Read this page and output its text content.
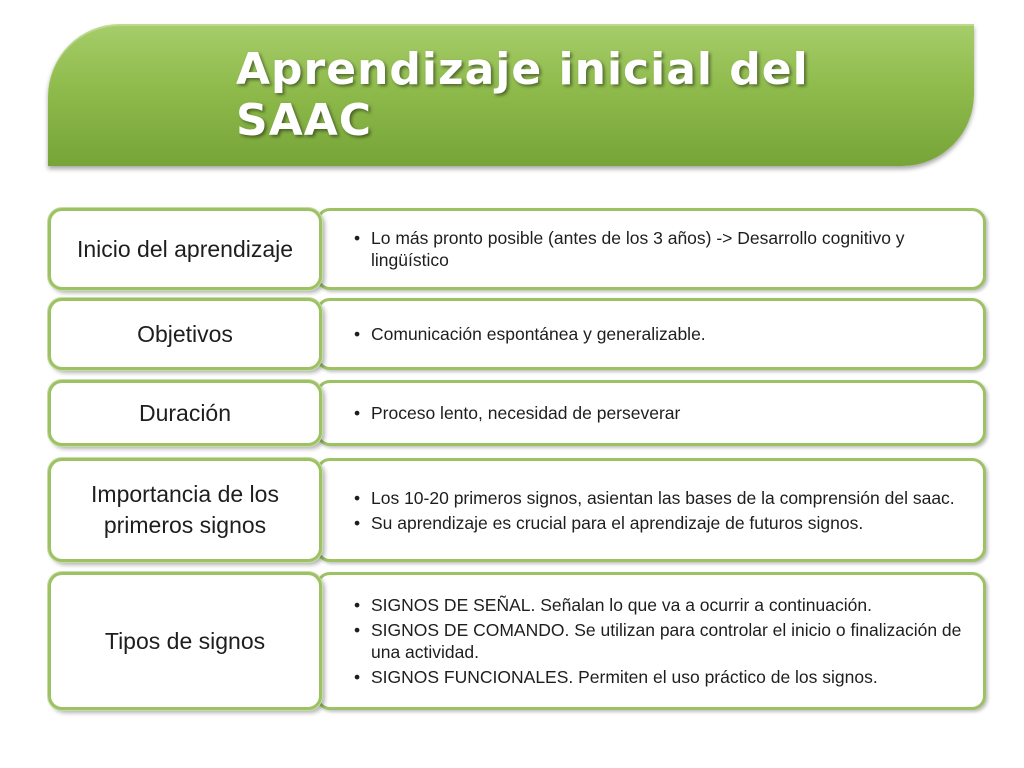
Aprendizaje inicial del SAAC
• Lo más pronto posible (antes de los 3 años) -> Desarrollo cognitivo y lingüístico
Inicio del aprendizaje
• Comunicación espontánea y generalizable.
Objetivos
• Proceso lento, necesidad de perseverar
Duración
• Los 10-20 primeros signos, asientan las bases de la comprensión del saac.
• Su aprendizaje es crucial para el aprendizaje de futuros signos.
Importancia de los primeros signos
• SIGNOS DE SEÑAL. Señalan lo que va a ocurrir a continuación.
• SIGNOS DE COMANDO. Se utilizan para controlar el inicio o finalización de una actividad.
• SIGNOS FUNCIONALES. Permiten el uso práctico de los signos.
Tipos de signos
